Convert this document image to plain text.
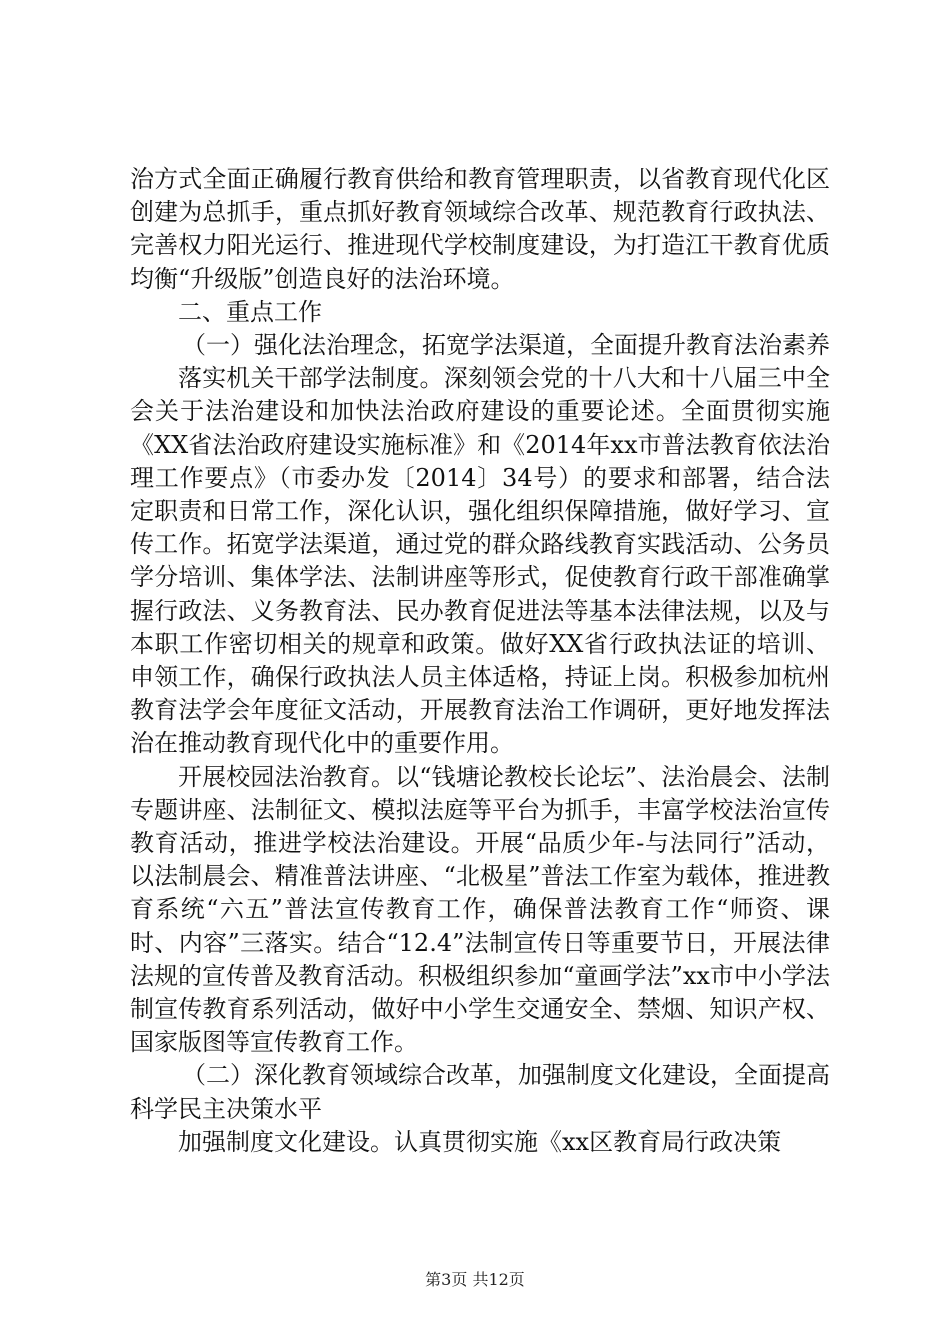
治方式全面正确履行教育供给和教育管理职责，以省教育现代化区创建为总抓手，重点抓好教育领域综合改革、规范教育行政执法、完善权力阳光运行、推进现代学校制度建设，为打造江干教育优质均衡“升级版”创造良好的法治环境。

二、重点工作

（一）强化法治理念，拓宽学法渠道，全面提升教育法治素养

落实机关干部学法制度。深刻领会党的十八大和十八届三中全会关于法治建设和加快法治政府建设的重要论述。全面贯彻实施《XX省法治政府建设实施标准》和《2014年xx市普法教育依法治理工作要点》（市委办发〔2014〕34号）的要求和部署，结合法定职责和日常工作，深化认识，强化组织保障措施，做好学习、宣传工作。拓宽学法渠道，通过党的群众路线教育实践活动、公务员学分培训、集体学法、法制讲座等形式，促使教育行政干部准确掌握行政法、义务教育法、民办教育促进法等基本法律法规，以及与本职工作密切相关的规章和政策。做好XX省行政执法证的培训、申领工作，确保行政执法人员主体适格，持证上岗。积极参加杭州教育法学会年度征文活动，开展教育法治工作调研，更好地发挥法治在推动教育现代化中的重要作用。

开展校园法治教育。以“钱塘论教校长论坛”、法治晨会、法制专题讲座、法制征文、模拟法庭等平台为抓手，丰富学校法治宣传教育活动，推进学校法治建设。开展“品质少年-与法同行”活动，以法制晨会、精准普法讲座、“北极星”普法工作室为载体，推进教育系统“六五”普法宣传教育工作，确保普法教育工作“师资、课时、内容”三落实。结合“12.4”法制宣传日等重要节日，开展法律法规的宣传普及教育活动。积极组织参加“童画学法”xx市中小学法制宣传教育系列活动，做好中小学生交通安全、禁烟、知识产权、国家版图等宣传教育工作。

（二）深化教育领域综合改革，加强制度文化建设，全面提高科学民主决策水平

加强制度文化建设。认真贯彻实施《xx区教育局行政决策

第3页 共12页
